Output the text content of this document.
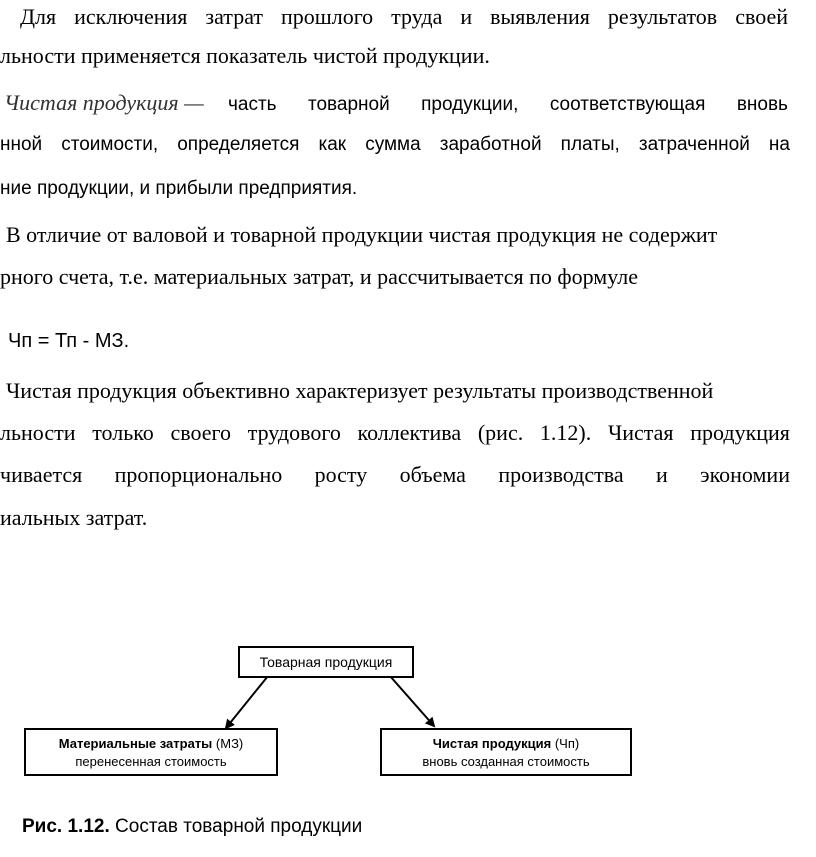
Для исключения затрат прошлого труда и выявления результатов своей
льности применяется показатель чистой продукции.
Чистая продукция — часть товарной продукции, соответствующая вновь
нной стоимости, определяется как сумма заработной платы, затраченной на
ние продукции, и прибыли предприятия.
В отличие от валовой и товарной продукции чистая продукция не содержит
рного счета, т.е. материальных затрат, и рассчитывается по формуле
Чп = Тп - МЗ.
Чистая продукция объективно характеризует результаты производственной
льности только своего трудового коллектива (рис. 1.12). Чистая продукция
чивается пропорционально росту объема производства и экономии
иальных затрат.
Товарная продукция
Материальные затраты (МЗ)
перенесенная стоимость
Чистая продукция (Чп)
вновь созданная стоимость
Рис. 1.12. Состав товарной продукции
